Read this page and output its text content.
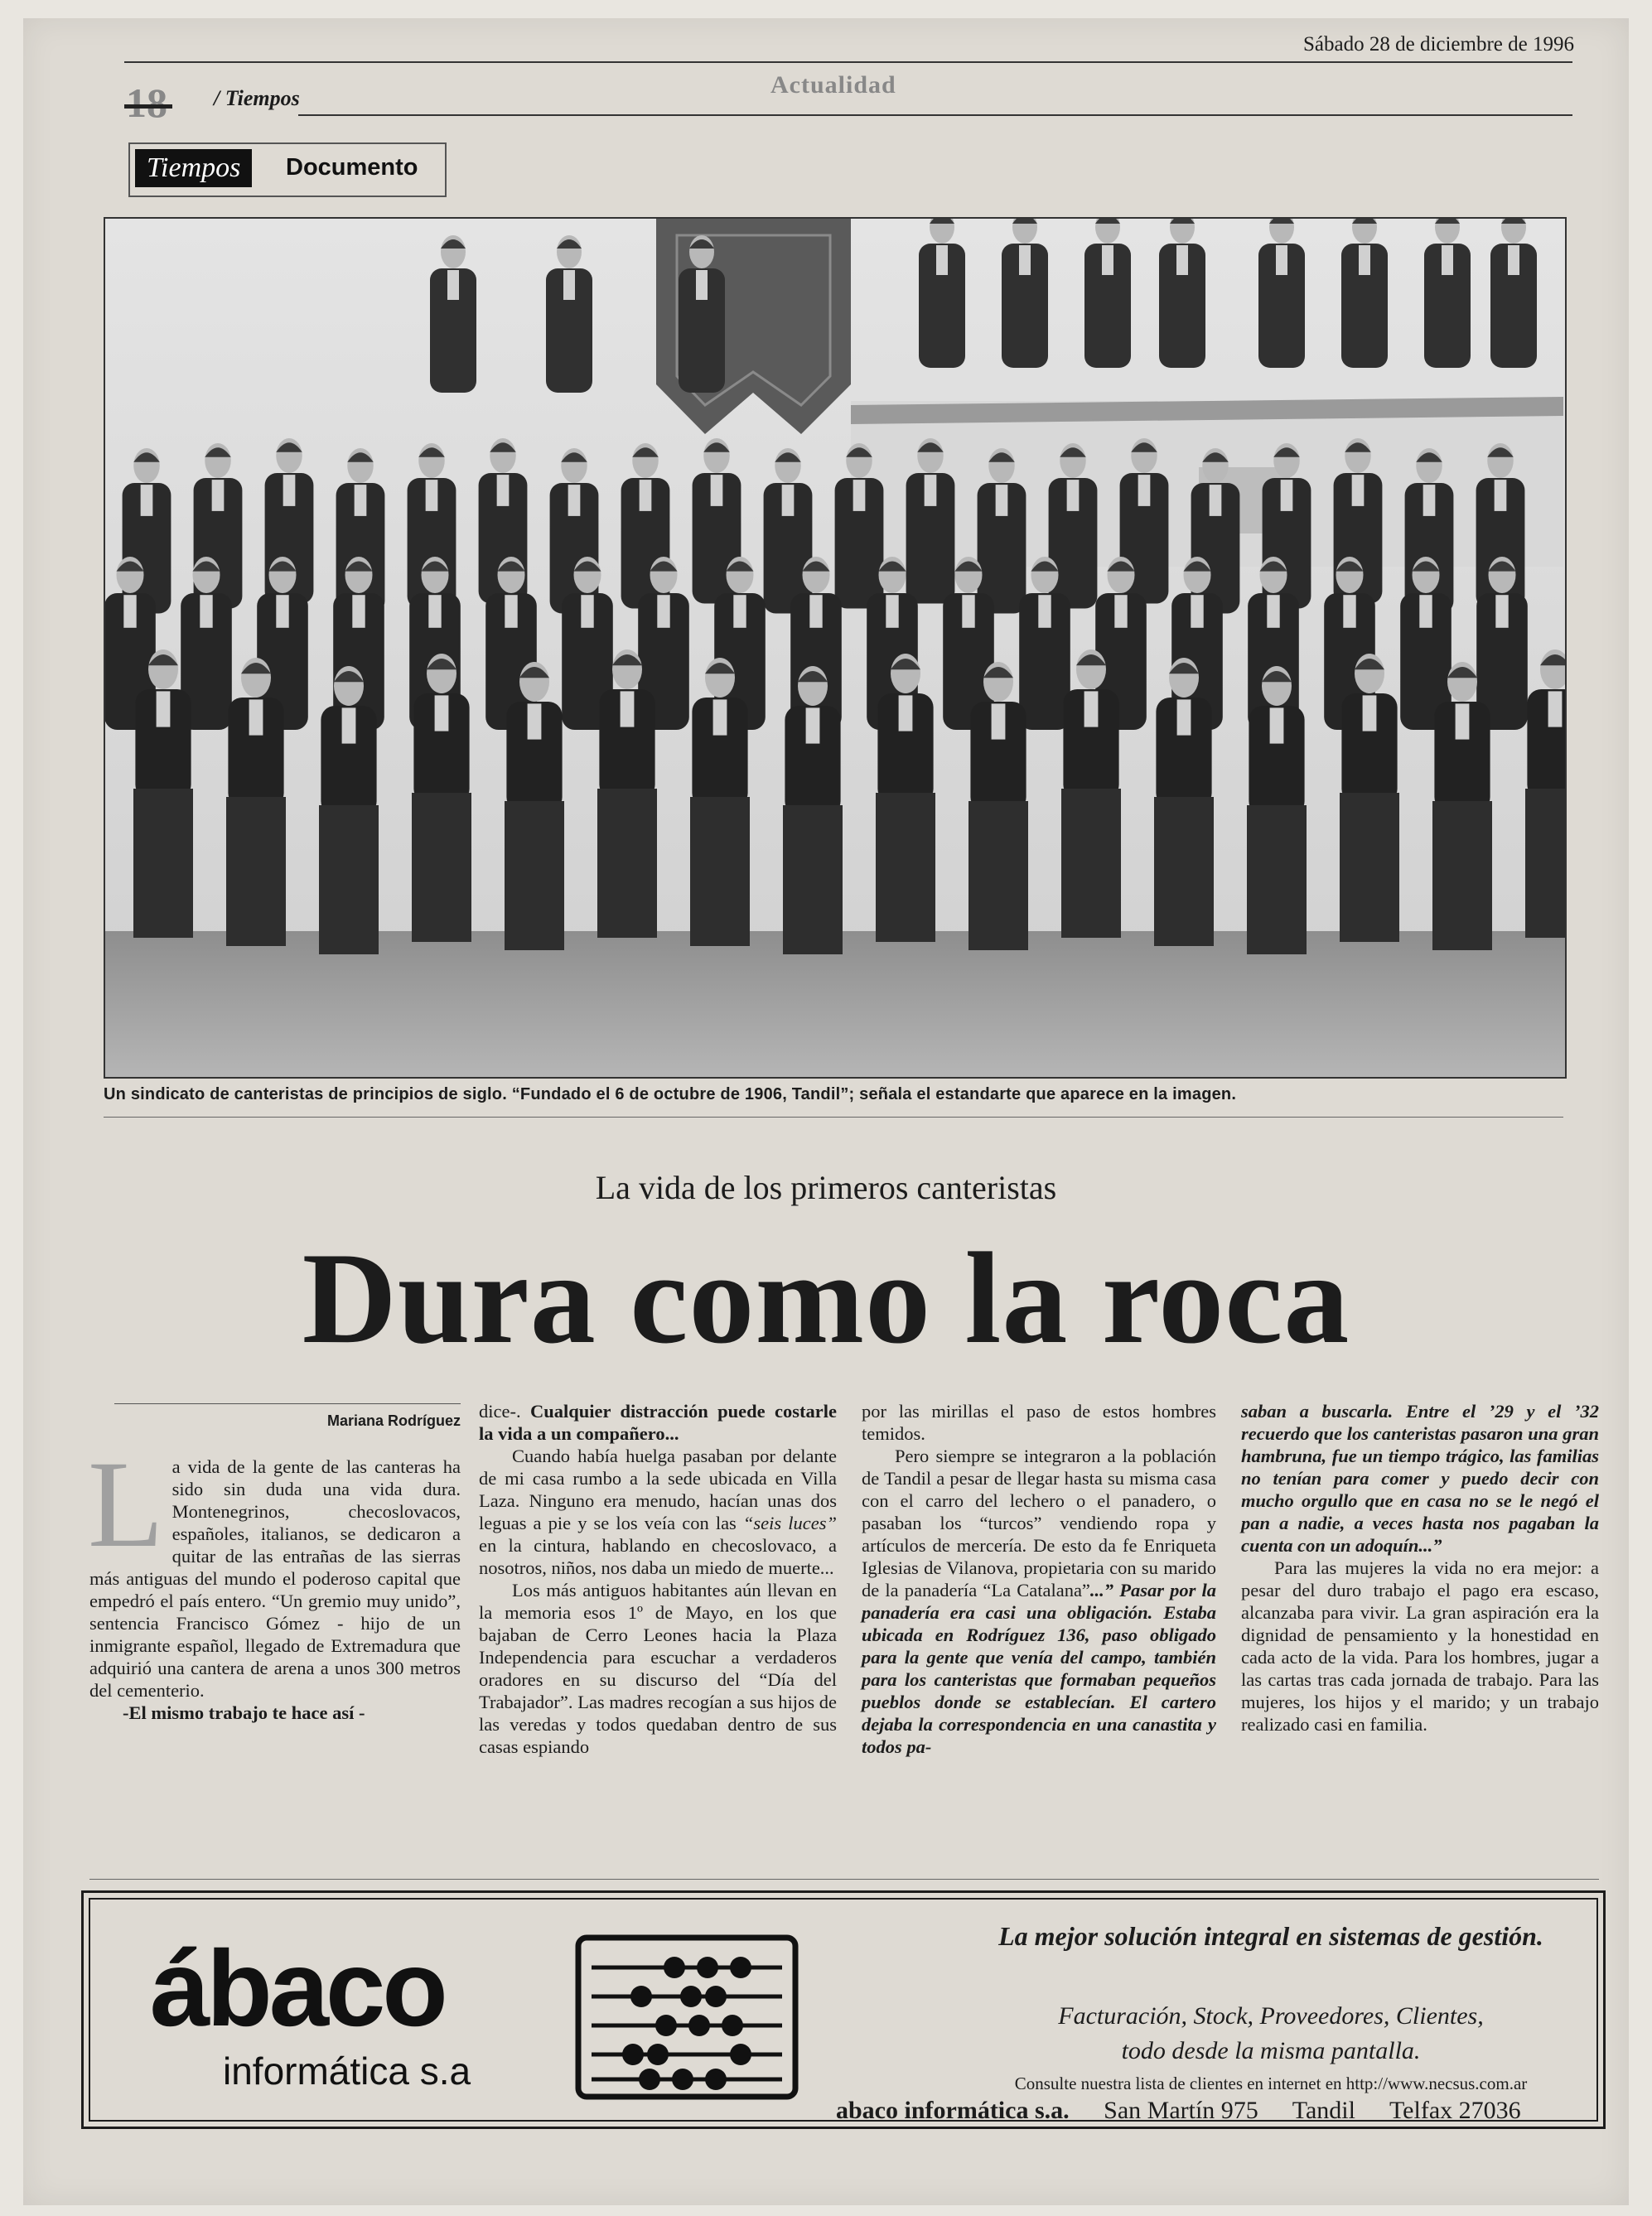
Sábado 28 de diciembre de 1996
18 / Tiempos	Actualidad
Tiempos	Documento
Un sindicato de canteristas de principios de siglo. “Fundado el 6 de octubre de 1906, Tandil”; señala el estandarte que aparece en la imagen.
La vida de los primeros canteristas
Dura como la roca

Mariana Rodríguez

La vida de la gente de las canteras ha sido sin duda una vida dura. Montenegrinos, checoslovacos, españoles, italianos, se dedicaron a quitar de las entrañas de las sierras más antiguas del mundo el poderoso capital que empedró el país entero. “Un gremio muy unido”, sentencia Francisco Gómez - hijo de un inmigrante español, llegado de Extremadura que adquirió una cantera de arena a unos 300 metros del cementerio.

-El mismo trabajo te hace así -

dice-. Cualquier distracción puede costarle la vida a un compañero...

Cuando había huelga pasaban por delante de mi casa rumbo a la sede ubicada en Villa Laza. Ninguno era menudo, hacían unas dos leguas a pie y se los veía con las “seis luces” en la cintura, hablando en checoslovaco, a nosotros, niños, nos daba un miedo de muerte...

Los más antiguos habitantes aún llevan en la memoria esos 1º de Mayo, en los que bajaban de Cerro Leones hacia la Plaza Independencia para escuchar a verdaderos oradores en su discurso del “Día del Trabajador”. Las madres recogían a sus hijos de las veredas y todos quedaban dentro de sus casas espiando

por las mirillas el paso de estos hombres temidos.

Pero siempre se integraron a la población de Tandil a pesar de llegar hasta su misma casa con el carro del lechero o el panadero, o pasaban los “turcos” vendiendo ropa y artículos de mercería. De esto da fe Enriqueta Iglesias de Vilanova, propietaria con su marido de la panadería “La Catalana”...” Pasar por la panadería era casi una obligación. Estaba ubicada en Rodríguez 136, paso obligado para la gente que venía del campo, también para los canteristas que formaban pequeños pueblos donde se establecían. El cartero dejaba la correspondencia en una canastita y todos pa-

saban a buscarla. Entre el ’29 y el ’32 recuerdo que los canteristas pasaron una gran hambruna, fue un tiempo trágico, las familias no tenían para comer y puedo decir con mucho orgullo que en casa no se le negó el pan a nadie, a veces hasta nos pagaban la cuenta con un adoquín...”

Para las mujeres la vida no era mejor: a pesar del duro trabajo el pago era escaso, alcanzaba para vivir. La gran aspiración era la dignidad de pensamiento y la honestidad en cada acto de la vida. Para los hombres, jugar a las cartas tras cada jornada de trabajo. Para las mujeres, los hijos y el marido; y un trabajo realizado casi en familia.

ábaco
informática s.a
La mejor solución integral en sistemas de gestión.
Facturación, Stock, Proveedores, Clientes,
todo desde la misma pantalla.
Consulte nuestra lista de clientes en internet en http://www.necsus.com.ar
abaco informática s.a. San Martín 975 Tandil Telfax 27036
